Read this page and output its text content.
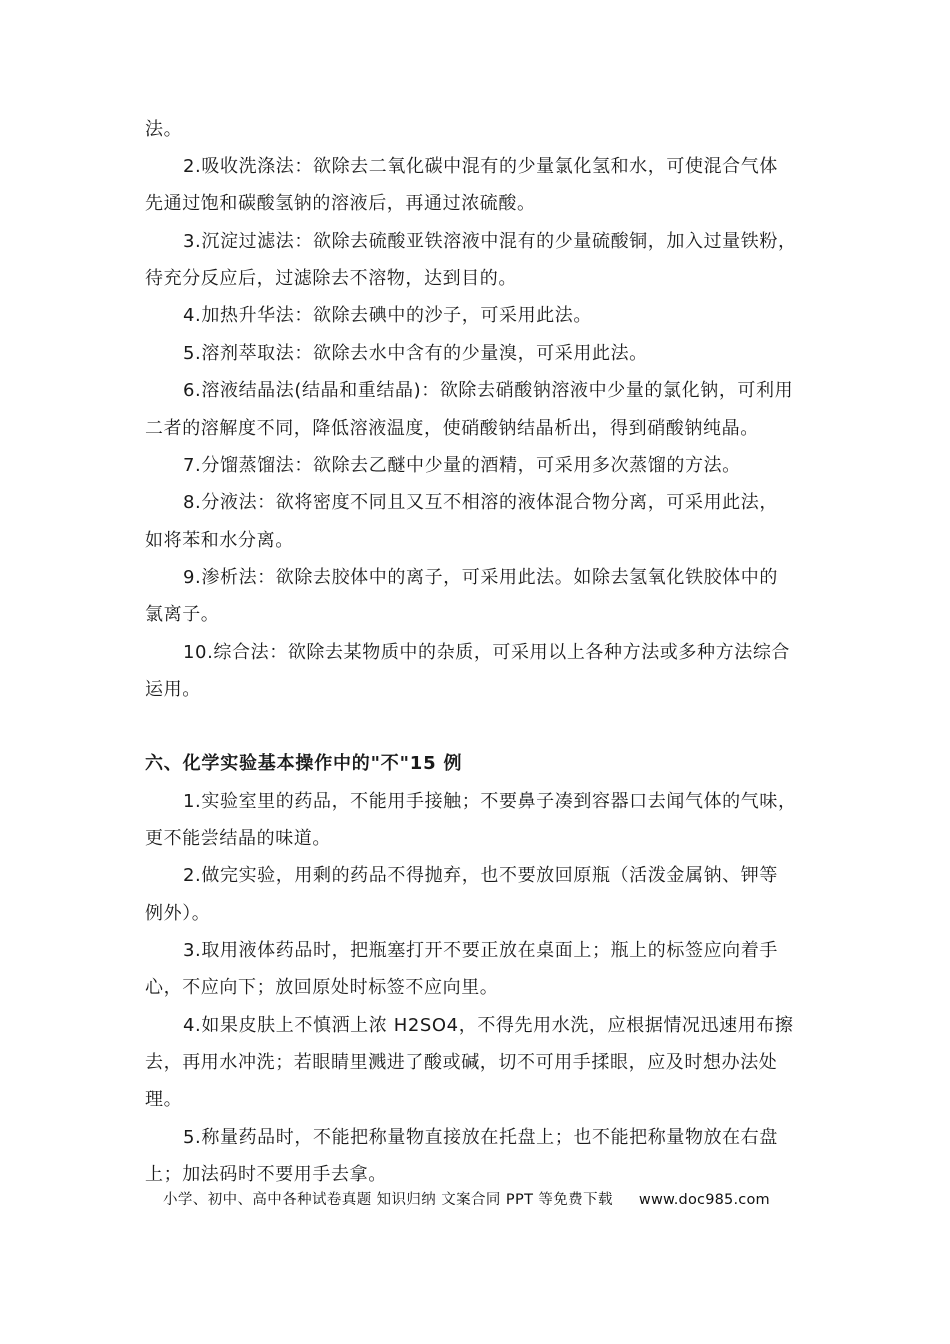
法。
2.吸收洗涤法：欲除去二氧化碳中混有的少量氯化氢和水，可使混合气体
先通过饱和碳酸氢钠的溶液后，再通过浓硫酸。
3.沉淀过滤法：欲除去硫酸亚铁溶液中混有的少量硫酸铜，加入过量铁粉，
待充分反应后，过滤除去不溶物，达到目的。
4.加热升华法：欲除去碘中的沙子，可采用此法。
5.溶剂萃取法：欲除去水中含有的少量溴，可采用此法。
6.溶液结晶法(结晶和重结晶)：欲除去硝酸钠溶液中少量的氯化钠，可利用
二者的溶解度不同，降低溶液温度，使硝酸钠结晶析出，得到硝酸钠纯晶。
7.分馏蒸馏法：欲除去乙醚中少量的酒精，可采用多次蒸馏的方法。
8.分液法：欲将密度不同且又互不相溶的液体混合物分离，可采用此法，
如将苯和水分离。
9.渗析法：欲除去胶体中的离子，可采用此法。如除去氢氧化铁胶体中的
氯离子。
10.综合法：欲除去某物质中的杂质，可采用以上各种方法或多种方法综合
运用。
六、化学实验基本操作中的"不"15 例
1.实验室里的药品，不能用手接触；不要鼻子凑到容器口去闻气体的气味，
更不能尝结晶的味道。
2.做完实验，用剩的药品不得抛弃，也不要放回原瓶（活泼金属钠、钾等
例外）。
3.取用液体药品时，把瓶塞打开不要正放在桌面上；瓶上的标签应向着手
心，不应向下；放回原处时标签不应向里。
4.如果皮肤上不慎洒上浓 H2SO4，不得先用水洗，应根据情况迅速用布擦
去，再用水冲洗；若眼睛里溅进了酸或碱，切不可用手揉眼，应及时想办法处
理。
5.称量药品时，不能把称量物直接放在托盘上；也不能把称量物放在右盘
上；加法码时不要用手去拿。
小学、初中、高中各种试卷真题 知识归纳 文案合同 PPT 等免费下载 www.doc985.com
